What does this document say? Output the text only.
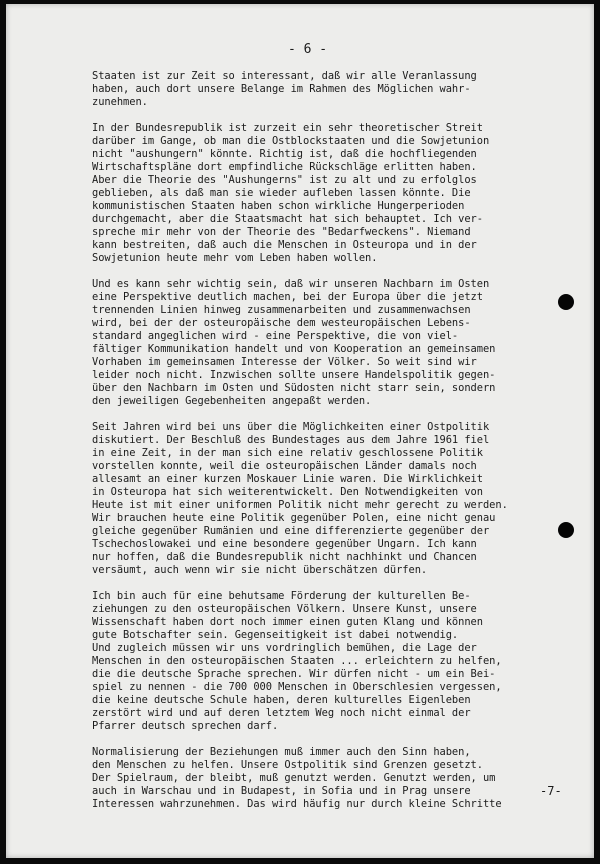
- 6 -
Staaten ist zur Zeit so interessant, daß wir alle Veranlassung
haben, auch dort unsere Belange im Rahmen des Möglichen wahr-
zunehmen.
In der Bundesrepublik ist zurzeit ein sehr theoretischer Streit
darüber im Gange, ob man die Ostblockstaaten und die Sowjetunion
nicht "aushungern" könnte. Richtig ist, daß die hochfliegenden
Wirtschaftspläne dort empfindliche Rückschläge erlitten haben.
Aber die Theorie des "Aushungerns" ist zu alt und zu erfolglos
geblieben, als daß man sie wieder aufleben lassen könnte. Die
kommunistischen Staaten haben schon wirkliche Hungerperioden
durchgemacht, aber die Staatsmacht hat sich behauptet. Ich ver-
spreche mir mehr von der Theorie des "Bedarfweckens". Niemand
kann bestreiten, daß auch die Menschen in Osteuropa und in der
Sowjetunion heute mehr vom Leben haben wollen.
Und es kann sehr wichtig sein, daß wir unseren Nachbarn im Osten
eine Perspektive deutlich machen, bei der Europa über die jetzt
trennenden Linien hinweg zusammenarbeiten und zusammenwachsen
wird, bei der der osteuropäische dem westeuropäischen Lebens-
standard angeglichen wird - eine Perspektive, die von viel-
fältiger Kommunikation handelt und von Kooperation an gemeinsamen
Vorhaben im gemeinsamen Interesse der Völker. So weit sind wir
leider noch nicht. Inzwischen sollte unsere Handelspolitik gegen-
über den Nachbarn im Osten und Südosten nicht starr sein, sondern
den jeweiligen Gegebenheiten angepaßt werden.
Seit Jahren wird bei uns über die Möglichkeiten einer Ostpolitik
diskutiert. Der Beschluß des Bundestages aus dem Jahre 1961 fiel
in eine Zeit, in der man sich eine relativ geschlossene Politik
vorstellen konnte, weil die osteuropäischen Länder damals noch
allesamt an einer kurzen Moskauer Linie waren. Die Wirklichkeit
in Osteuropa hat sich weiterentwickelt. Den Notwendigkeiten von
Heute ist mit einer uniformen Politik nicht mehr gerecht zu werden.
Wir brauchen heute eine Politik gegenüber Polen, eine nicht genau
gleiche gegenüber Rumänien und eine differenzierte gegenüber der
Tschechoslowakei und eine besondere gegenüber Ungarn. Ich kann
nur hoffen, daß die Bundesrepublik nicht nachhinkt und Chancen
versäumt, auch wenn wir sie nicht überschätzen dürfen.
Ich bin auch für eine behutsame Förderung der kulturellen Be-
ziehungen zu den osteuropäischen Völkern. Unsere Kunst, unsere
Wissenschaft haben dort noch immer einen guten Klang und können
gute Botschafter sein. Gegenseitigkeit ist dabei notwendig.
Und zugleich müssen wir uns vordringlich bemühen, die Lage der
Menschen in den osteuropäischen Staaten ... erleichtern zu helfen,
die die deutsche Sprache sprechen. Wir dürfen nicht - um ein Bei-
spiel zu nennen - die 700 000 Menschen in Oberschlesien vergessen,
die keine deutsche Schule haben, deren kulturelles Eigenleben
zerstört wird und auf deren letztem Weg noch nicht einmal der
Pfarrer deutsch sprechen darf.
Normalisierung der Beziehungen muß immer auch den Sinn haben,
den Menschen zu helfen. Unsere Ostpolitik sind Grenzen gesetzt.
Der Spielraum, der bleibt, muß genutzt werden. Genutzt werden, um
auch in Warschau und in Budapest, in Sofia und in Prag unsere
Interessen wahrzunehmen. Das wird häufig nur durch kleine Schritte
-7-
